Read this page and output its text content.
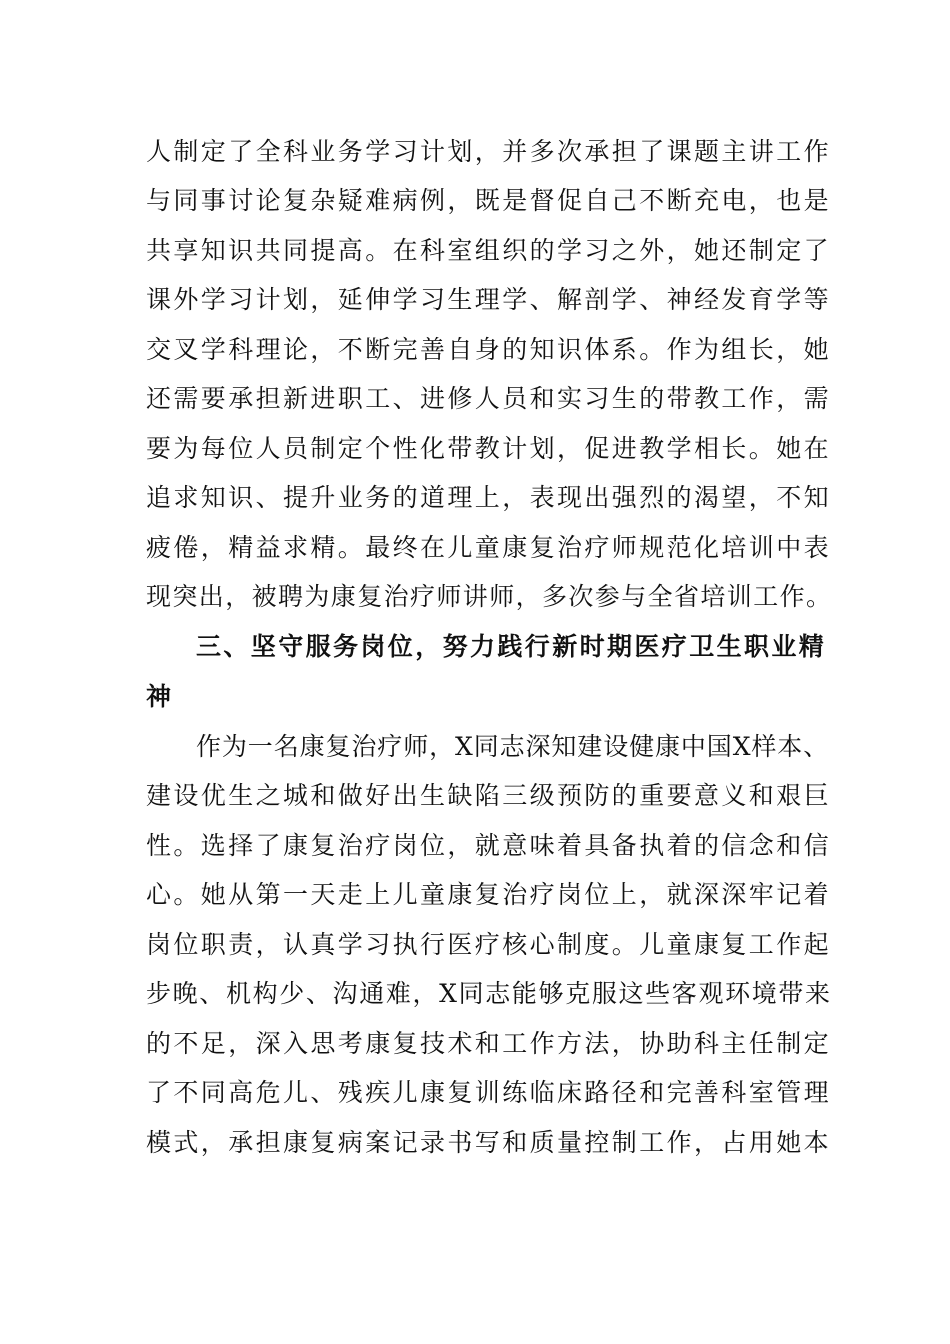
人制定了全科业务学习计划，并多次承担了课题主讲工作
与同事讨论复杂疑难病例，既是督促自己不断充电，也是
共享知识共同提高。在科室组织的学习之外，她还制定了
课外学习计划，延伸学习生理学、解剖学、神经发育学等
交叉学科理论，不断完善自身的知识体系。作为组长，她
还需要承担新进职工、进修人员和实习生的带教工作，需
要为每位人员制定个性化带教计划，促进教学相长。她在
追求知识、提升业务的道理上，表现出强烈的渴望，不知
疲倦，精益求精。最终在儿童康复治疗师规范化培训中表
现突出，被聘为康复治疗师讲师，多次参与全省培训工作。
三、坚守服务岗位，努力践行新时期医疗卫生职业精
神
作为一名康复治疗师，X同志深知建设健康中国X样本、
建设优生之城和做好出生缺陷三级预防的重要意义和艰巨
性。选择了康复治疗岗位，就意味着具备执着的信念和信
心。她从第一天走上儿童康复治疗岗位上，就深深牢记着
岗位职责，认真学习执行医疗核心制度。儿童康复工作起
步晚、机构少、沟通难，X同志能够克服这些客观环境带来
的不足，深入思考康复技术和工作方法，协助科主任制定
了不同高危儿、残疾儿康复训练临床路径和完善科室管理
模式，承担康复病案记录书写和质量控制工作，占用她本
